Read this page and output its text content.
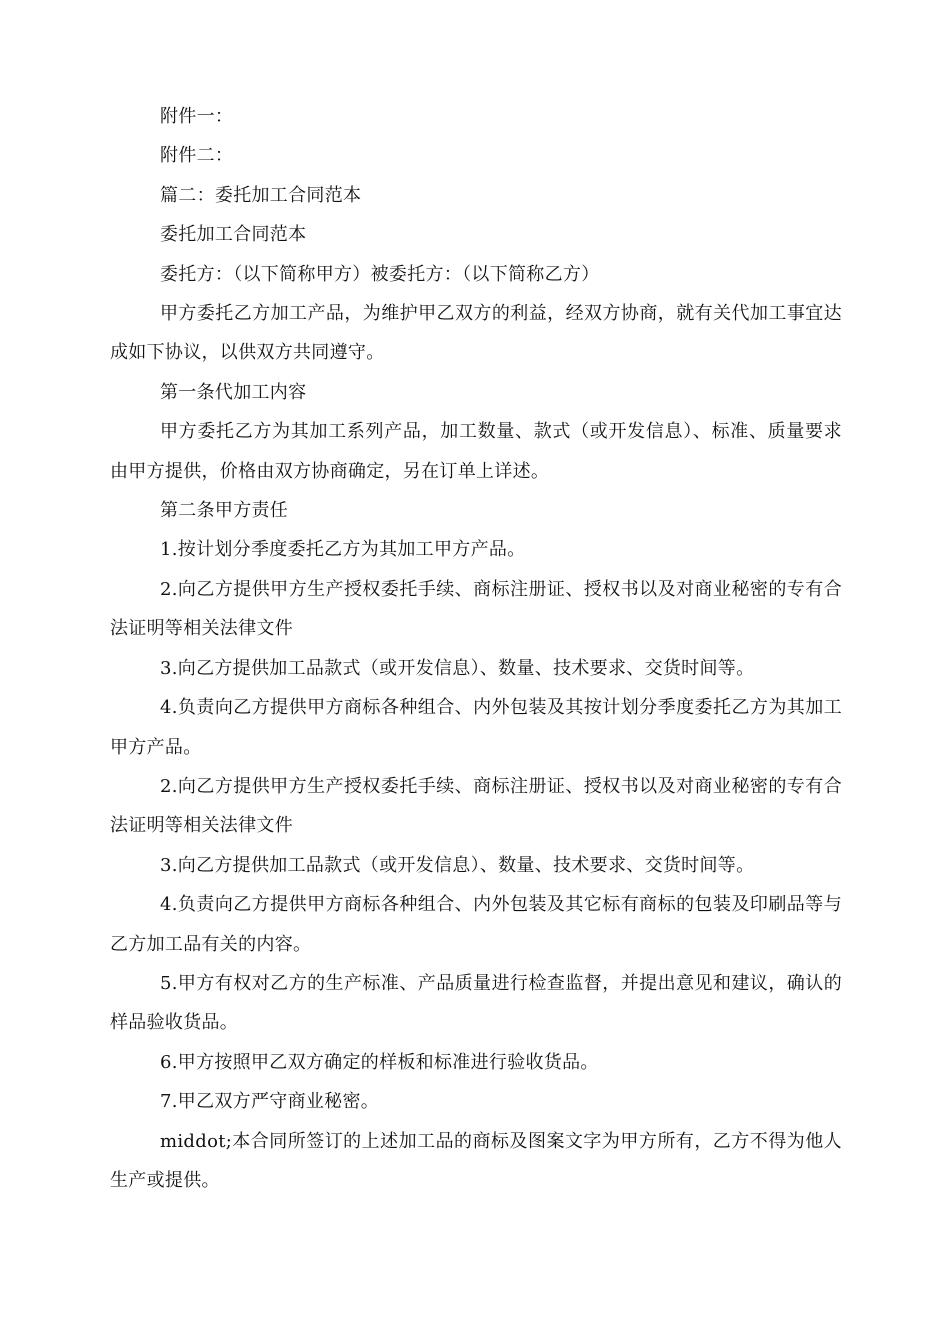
附件一：

附件二：

篇二：委托加工合同范本

委托加工合同范本

委托方：（以下简称甲方）被委托方：（以下简称乙方）

甲方委托乙方加工产品，为维护甲乙双方的利益，经双方协商，就有关代加工事宜达成如下协议，以供双方共同遵守。

第一条代加工内容

甲方委托乙方为其加工系列产品，加工数量、款式（或开发信息）、标准、质量要求由甲方提供，价格由双方协商确定，另在订单上详述。

第二条甲方责任

1.按计划分季度委托乙方为其加工甲方产品。

2.向乙方提供甲方生产授权委托手续、商标注册证、授权书以及对商业秘密的专有合法证明等相关法律文件

3.向乙方提供加工品款式（或开发信息）、数量、技术要求、交货时间等。

4.负责向乙方提供甲方商标各种组合、内外包装及其按计划分季度委托乙方为其加工甲方产品。

2.向乙方提供甲方生产授权委托手续、商标注册证、授权书以及对商业秘密的专有合法证明等相关法律文件

3.向乙方提供加工品款式（或开发信息）、数量、技术要求、交货时间等。

4.负责向乙方提供甲方商标各种组合、内外包装及其它标有商标的包装及印刷品等与乙方加工品有关的内容。

5.甲方有权对乙方的生产标准、产品质量进行检查监督，并提出意见和建议，确认的样品验收货品。

6.甲方按照甲乙双方确定的样板和标准进行验收货品。

7.甲乙双方严守商业秘密。

middot;本合同所签订的上述加工品的商标及图案文字为甲方所有，乙方不得为他人生产或提供。
